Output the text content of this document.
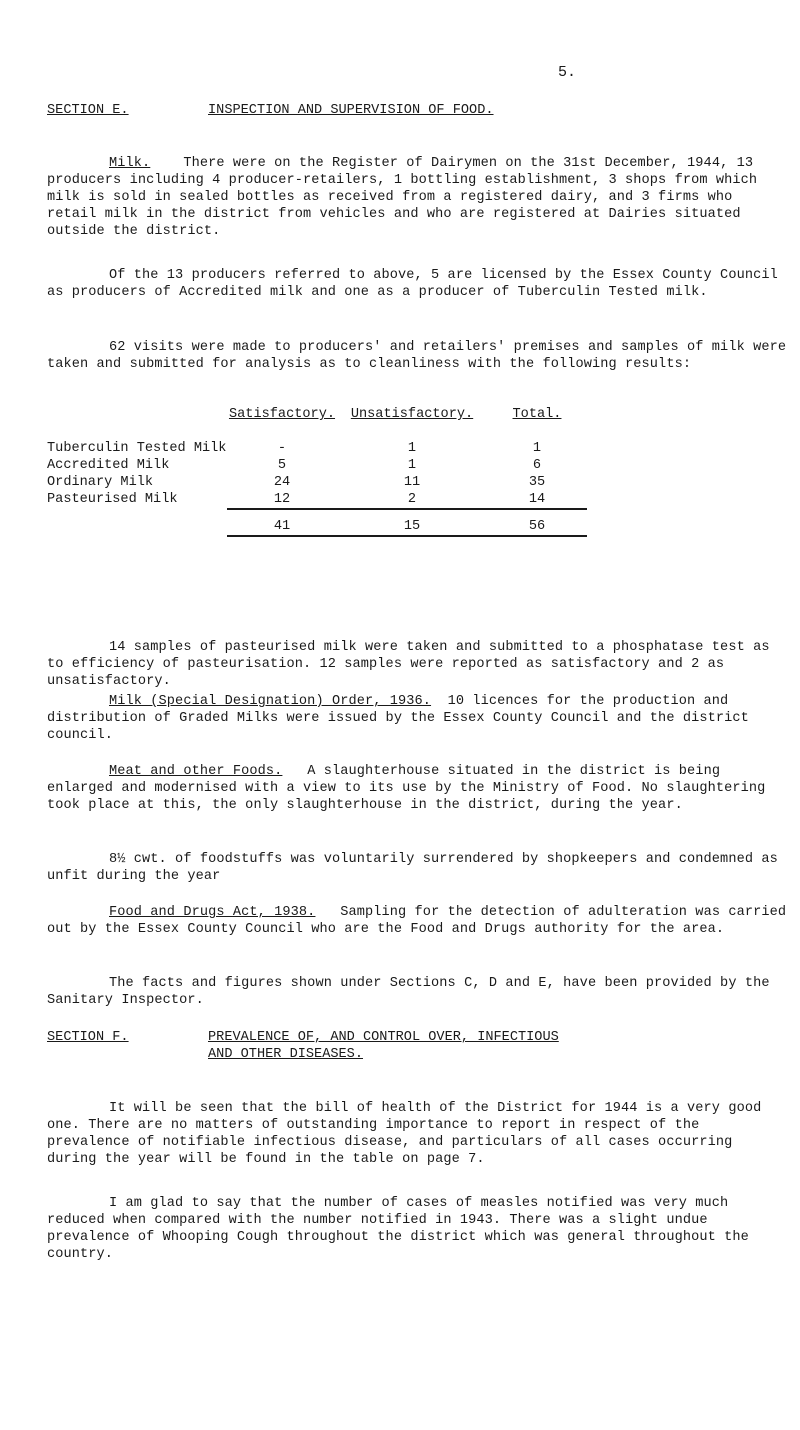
5.
SECTION E.	INSPECTION AND SUPERVISION OF FOOD.

Milk. There were on the Register of Dairymen on the 31st December, 1944, 13 producers including 4 producer-retailers, 1 bottling establishment, 3 shops from which milk is sold in sealed bottles as received from a registered dairy, and 3 firms who retail milk in the district from vehicles and who are registered at Dairies situated outside the district.

Of the 13 producers referred to above, 5 are licensed by the Essex County Council as producers of Accredited milk and one as a producer of Tuberculin Tested milk.

62 visits were made to producers' and retailers' premises and samples of milk were taken and submitted for analysis as to cleanliness with the following results:

	Satisfactory.	Unsatisfactory.	Total.

Tuberculin Tested Milk	-	1	1
Accredited Milk	5	1	6
Ordinary Milk	24	11	35
Pasteurised Milk	12	2	14

	41	15	56

14 samples of pasteurised milk were taken and submitted to a phosphatase test as to efficiency of pasteurisation. 12 samples were reported as satisfactory and 2 as unsatisfactory.

Milk (Special Designation) Order, 1936. 10 licences for the production and distribution of Graded Milks were issued by the Essex County Council and the district council.

Meat and other Foods. A slaughterhouse situated in the district is being enlarged and modernised with a view to its use by the Ministry of Food. No slaughtering took place at this, the only slaughterhouse in the district, during the year.

8½ cwt. of foodstuffs was voluntarily surrendered by shopkeepers and condemned as unfit during the year

Food and Drugs Act, 1938. Sampling for the detection of adulteration was carried out by the Essex County Council who are the Food and Drugs authority for the area.

The facts and figures shown under Sections C, D and E, have been provided by the Sanitary Inspector.

SECTION F.	PREVALENCE OF, AND CONTROL OVER, INFECTIOUS
AND OTHER DISEASES.

It will be seen that the bill of health of the District for 1944 is a very good one. There are no matters of outstanding importance to report in respect of the prevalence of notifiable infectious disease, and particulars of all cases occurring during the year will be found in the table on page 7.

I am glad to say that the number of cases of measles notified was very much reduced when compared with the number notified in 1943. There was a slight undue prevalence of Whooping Cough throughout the district which was general throughout the country.
